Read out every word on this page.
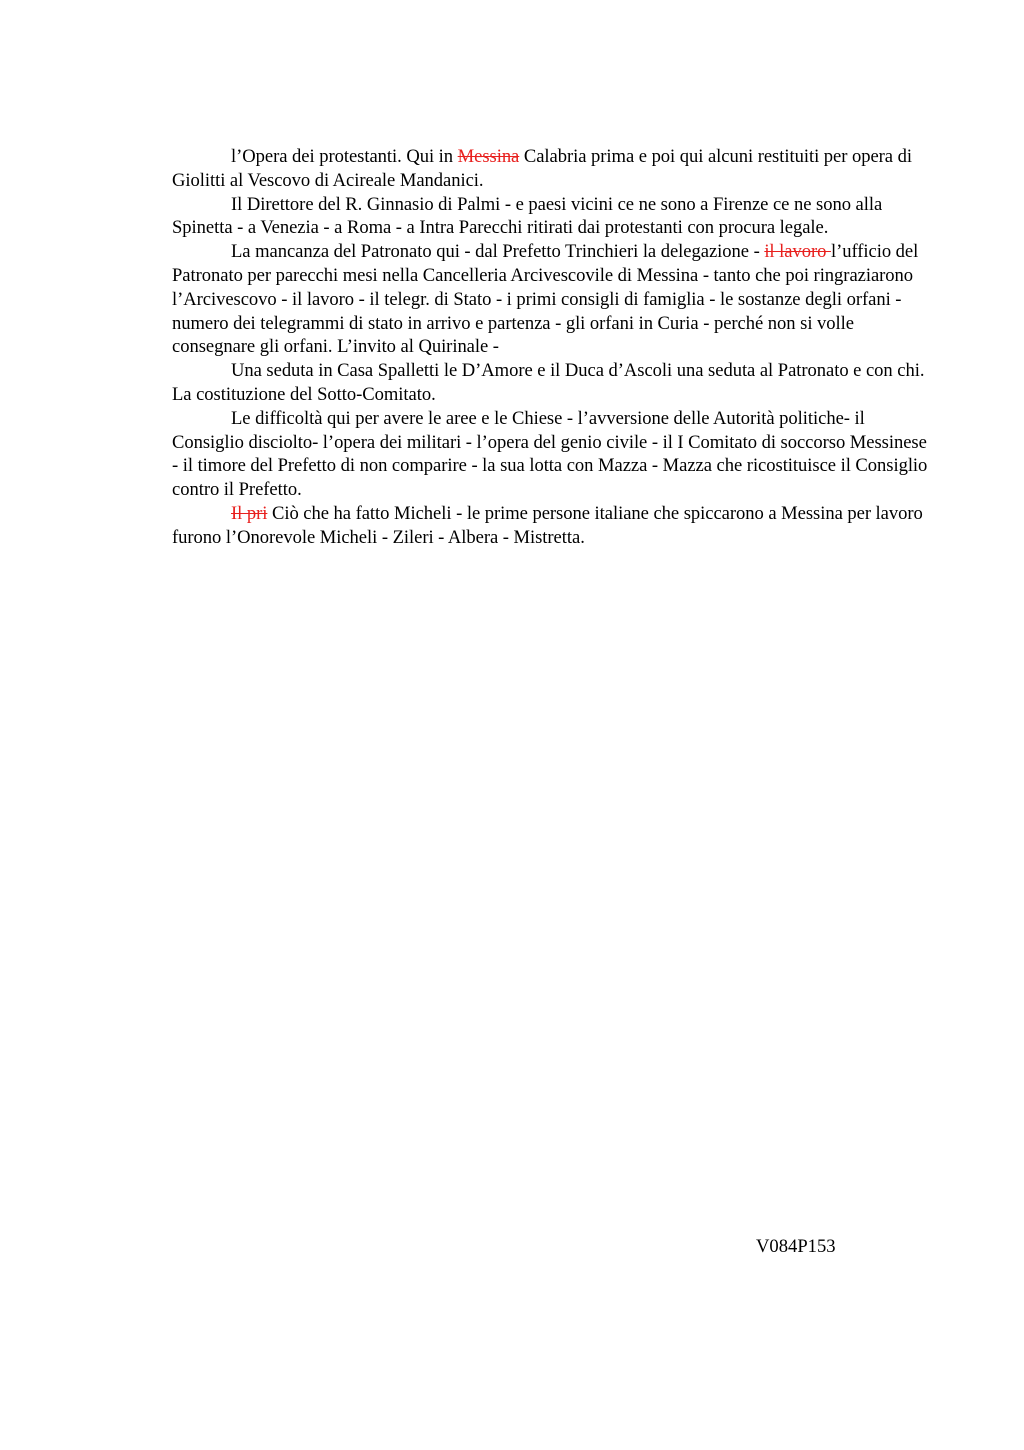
l’Opera dei protestanti. Qui in Messina Calabria prima e poi qui alcuni restituiti per opera di Giolitti al Vescovo di Acireale Mandanici.

Il Direttore del R. Ginnasio di Palmi - e paesi vicini ce ne sono a Firenze ce ne sono alla Spinetta - a Venezia - a Roma - a Intra Parecchi ritirati dai protestanti con procura legale.

La mancanza del Patronato qui - dal Prefetto Trinchieri la delegazione - il lavoro l’ufficio del Patronato per parecchi mesi nella Cancelleria Arcivescovile di Messina - tanto che poi ringraziarono l’Arcivescovo - il lavoro - il telegr. di Stato - i primi consigli di famiglia - le sostanze degli orfani - numero dei telegrammi di stato in arrivo e partenza - gli orfani in Curia - perché non si volle consegnare gli orfani. L’invito al Quirinale -

Una seduta in Casa Spalletti le D’Amore e il Duca d’Ascoli una seduta al Patronato e con chi. La costituzione del Sotto-Comitato.

Le difficoltà qui per avere le aree e le Chiese - l’avversione delle Autorità politiche- il Consiglio disciolto- l’opera dei militari - l’opera del genio civile - il I Comitato di soccorso Messinese - il timore del Prefetto di non comparire - la sua lotta con Mazza - Mazza che ricostituisce il Consiglio contro il Prefetto.

Il pri Ciò che ha fatto Micheli - le prime persone italiane che spiccarono a Messina per lavoro furono l’Onorevole Micheli - Zileri - Albera - Mistretta.

V084P153
